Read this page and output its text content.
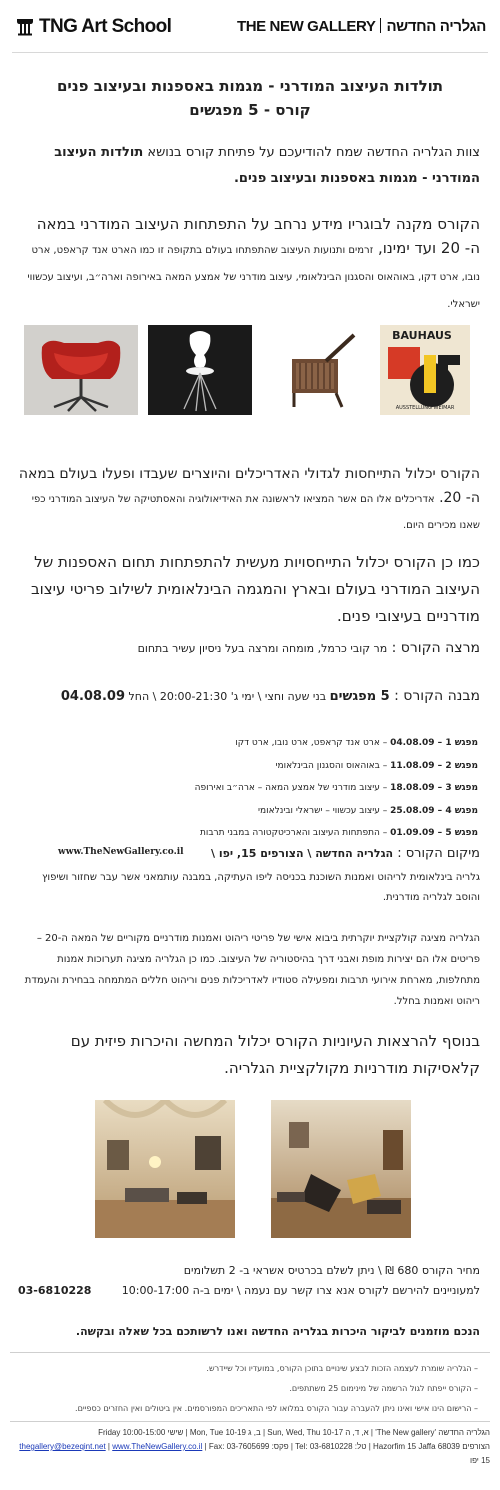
TNG Art School	THE NEW GALLERY הגלריה החדשה
תולדות העיצוב המודרני - מגמות באספנות ובעיצוב פנים
קורס - 5 מפגשים
צוות הגלריה החדשה שמח להודיעכם על פתיחת קורס בנושא תולדות העיצוב המודרני - מגמות באספנות ובעיצוב פנים.
הקורס מקנה לבוגריו מידע נרחב על התפתחות העיצוב המודרני במאה ה- 20 ועד ימינו, זרמים ותנועות העיצוב שהתפתחו בעולם בתקופה זו כמו הארט אנד קראפט, ארט נובו, ארט דקו, באוהאוס והסגנון הבינלאומי, עיצוב מודרני של אמצע המאה באירופה וארה״ב, ועיצוב עכשווי ישראלי.
BAUHAUS
AUSSTELLUNG WEIMAR
הקורס יכלול התייחסות לגדולי האדריכלים והיוצרים שעבדו ופעלו בעולם במאה ה- 20. אדריכלים אלו הם אשר המציאו לראשונה את האידיאולוגיה והאסתטיקה של העיצוב המודרני כפי שאנו מכירים היום.
כמו כן הקורס יכלול התייחסויות מעשית להתפתחות תחום האספנות של העיצוב המודרני בעולם ובארץ והמגמה הבינלאומית לשילוב פריטי עיצוב מודרניים בעיצובי פנים.
מרצה הקורס : מר קובי כרמל, מומחה ומרצה בעל ניסיון עשיר בתחום
מבנה הקורס : 5 מפגשים בני שעה וחצי \ ימי ג' 20:00-21:30 \ החל 04.08.09
מפגש 1 – 04.08.09 – ארט אנד קראפט, ארט נובו, ארט דקו
מפגש 2 – 11.08.09 – באוהאוס והסגנון הבינלאומי
מפגש 3 – 18.08.09 – עיצוב מודרני של אמצע המאה – ארה״ב ואירופה
מפגש 4 – 25.08.09 – עיצוב עכשווי – ישראלי ובינלאומי
מפגש 5 – 01.09.09 – התפתחות העיצוב והארכיטקטורה במבני תרבות
מיקום הקורס : הגלריה החדשה \ הצורפים 15, יפו \
www.TheNewGallery.co.il
גלריה בינלאומית לריהוט ואמנות השוכנת בכניסה ליפו העתיקה, במבנה עותמאני אשר עבר שחזור ושיפוץ והוסב לגלריה מודרנית.
הגלריה מציגה קולקציית יוקרתית ביבוא אישי של פריטי ריהוט ואמנות מודרניים מקוריים של המאה ה-20 – פריטים אלו הם יצירות מופת ואבני דרך בהיסטוריה של העיצוב. כמו כן הגלריה מציגה תערוכות אמנות מתחלפות, מארחת אירועי תרבות ומפעילה סטודיו לאדריכלות פנים וריהוט חללים המתמחה בבחירת והעמדת ריהוט ואמנות בחלל.
בנוסף להרצאות העיוניות הקורס יכלול המחשה והיכרות פיזית עם קלאסיקות מודרניות מקולקציית הגלריה.
מחיר הקורס 680 ₪ \ ניתן לשלם בכרטיס אשראי ב- 2 תשלומים
למעוניינים להירשם לקורס אנא צרו קשר עם נעמה \ ימים ב-ה 10:00-17:00
03-6810228
הנכם מוזמנים לביקור היכרות בגלריה החדשה ואנו לרשותכם בכל שאלה ובקשה.
– הגלריה שומרת לעצמה הזכות לבצע שינויים בתוכן הקורס, במועדיו וכל שיידרש.
– הקורס ייפתח לגול הרשמה של מינימום 25 משתתפים.
– הרישום הינו אישי ואינו ניתן להעברה עבור הקורס במלואו לפי התאריכים המפורסמים. אין ביטולים ואין החזרים כספיים.
Friday 10:00-15:00 שישי | Mon, Tue 10-19 ב, ג | Sun, Wed, Thu 10-17 א, ד, ה | 'The New gallery' הגלריה החדשה
thegallery@bezeqint.net | www.TheNewGallery.co.il | Fax: 03-7605699 :פקס | Tel: 03-6810228 :טל | Hazorfim 15 Jaffa 68039 הצורפים 15 יפו
